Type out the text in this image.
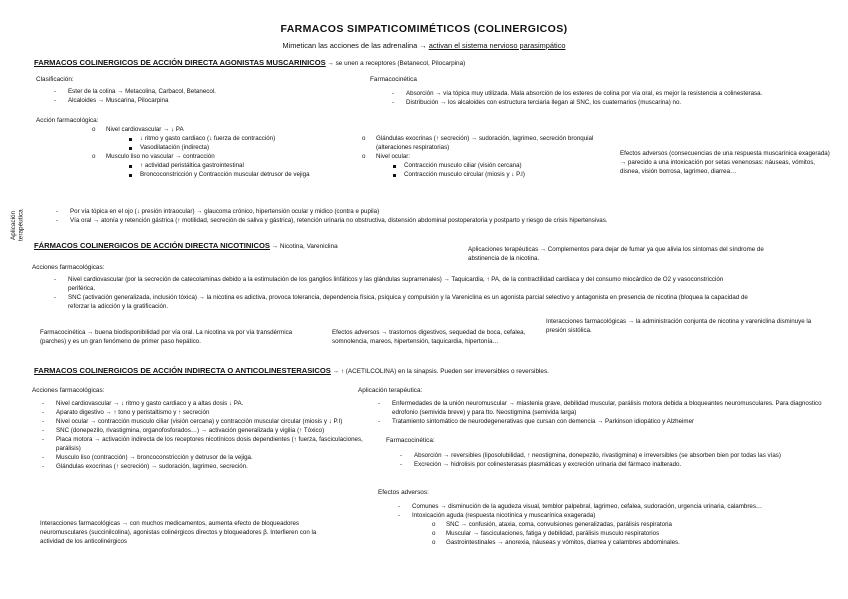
FARMACOS SIMPATICOMIMÉTICOS (COLINERGICOS)
Mimetican las acciones de las adrenalina → activan el sistema nervioso parasimpático
FARMACOS COLINERGICOS DE ACCIÓN DIRECTA AGONISTAS MUSCARINICOS → se unen a receptores (Betanecol, Pilocarpina)
Clasificación:
- Ester de la colina → Metacolina, Carbacol, Betanecol.
- Alcaloides → Muscarina, Pilocarpina
Acción farmacológica:
o Nivel cardiovascular → ↓ PA
↓ ritmo y gasto cardiaco (↓ fuerza de contracción)
Vasodilatación (indirecta)
o Musculo liso no vascular → contracción
↑ actividad peristáltica gastrointestinal
Broncoconstricción y Contracción muscular detrusor de vejiga
Farmacocinética
- Absorción → vía tópica muy utilizada. Mala absorción de los esteres de colina por vía oral, es mejor la resistencia a colinesterasa.
- Distribución → los alcaloides con estructura terciaria llegan al SNC, los cuaternarios (muscarina) no.
o Glándulas exocrinas (↑ secreción) → sudoración, lagrimeo, secreción bronquial (alteraciones respiratorias)
o Nivel ocular:
Contracción musculo ciliar (visión cercana)
Contracción musculo circular (miosis y ↓ P.I)
Efectos adversos (consecuencias de una respuesta muscarínica exagerada) → parecido a una intoxicación por setas venenosas: náuseas, vómitos, disnea, visión borrosa, lagrimeo, diarrea…
Aplicación terapéutica
-	Por vía tópica en el ojo (↓ presión intraocular) → glaucoma crónico, hipertensión ocular y midico (contra e pupila)
- Vía oral → atonía y retención gástrica (↑ motilidad, secreción de saliva y gástrica), retención urinaria no obstructiva, distensión abdominal postoperatoria y postparto y riesgo de crisis hipertensivas.
FÁRMACOS COLINERGICOS DE ACCIÓN DIRECTA NICOTINICOS → Nicotina, Vareniclina	Aplicaciones terapéuticas → Complementos para dejar de fumar ya que alivia los síntomas del síndrome de abstinencia de la nicotina.
Acciones farmacológicas:
- Nivel cardiovascular (por la secreción de catecolaminas debido a la estimulación de los ganglios linfáticos y las glándulas suprarrenales) → Taquicardia, ↑ PA, de la contractilidad cardiaca y del consumo miocárdico de O2 y vasoconstricción periférica.
- SNC (activación generalizada, inclusión tóxica) → la nicotina es adictiva, provoca tolerancia, dependencia física, psíquica y compulsión y la Vareniclina es un agonista parcial selectivo y antagonista en presencia de nicotina (bloquea la capacidad de reforzar la adicción y la gratificación.
Interacciones farmacológicas → la administración conjunta de nicotina y vareniclina disminuye la presión sistólica.
Farmacocinética → buena biodisponibilidad por vía oral. La nicotina va por vía transdérmica (parches) y es un gran fenómeno de primer paso hepático.
Efectos adversos → trastornos digestivos, sequedad de boca, cefalea, somnolencia, mareos, hipertensión, taquicardia, hipertonía…
FARMACOS COLINERGICOS DE ACCIÓN INDIRECTA O ANTICOLINESTERASICOS → ↑ (ACETILCOLINA) en la sinapsis. Pueden ser irreversibles o reversibles.
Acciones farmacológicas:
- Nivel cardiovascular → ↓ ritmo y gasto cardiaco y a altas dosis ↓ PA.
- Aparato digestivo → ↑ tono y peristaltismo y ↑ secreción
- Nivel ocular → contracción musculo ciliar (visión cercana) y contracción muscular circular (miosis y ↓ P.I)
- SNC (donepezilo, rivastigmina, organofosforados…) → activación generalizada y vigilia (↑ Tóxico)
- Placa motora → activación indirecta de los receptores nicotínicos dosis dependientes (↑ fuerza, fasciculaciones, parálisis)
- Musculo liso (contracción) → broncoconstricción y detrusor de la vejiga.
- Glándulas exocrinas (↑ secreción) → sudoración, lagrimeo, secreción.
Interacciones farmacológicas → con muchos medicamentos, aumenta efecto de bloqueadores neuromusculares (succinilcolina), agonistas colinérgicos directos y bloqueadores β. Interfieren con la actividad de los anticolinérgicos
Aplicación terapéutica:
- Enfermedades de la unión neuromuscular → miastenia grave, debilidad muscular, parálisis motora debida a bloqueantes neuromusculares. Para diagnostico edrofonio (semivida breve) y para tto. Neostigmina (semivida larga)
- Tratamiento sintomático de neurodegenerativas que cursan con demencia → Parkinson idiopático y Alzheimer
Farmacocinética:
- Absorción → reversibles (liposolubilidad, ↑ neostigmina, donepezilo, rivastigmina) e irreversibles (se absorben bien por todas las vías)
- Excreción → hidrolisis por colinesterasas plasmáticas y excreción urinaria del fármaco inalterado.
Efectos adversos:
- Comunes → disminución de la agudeza visual, temblor palpebral, lagrimeo, cefalea, sudoración, urgencia urinaria, calambres…
- Intoxicación aguda (respuesta nicotínica y muscarínica exagerada)
o SNC → confusión, ataxia, coma, convulsiones generalizadas, parálisis respiratoria
o Muscular → fasciculaciones, fatiga y debilidad, parálisis musculo respiratorios
o Gastrointestinales → anorexia, náuseas y vómitos, diarrea y calambres abdominales.
